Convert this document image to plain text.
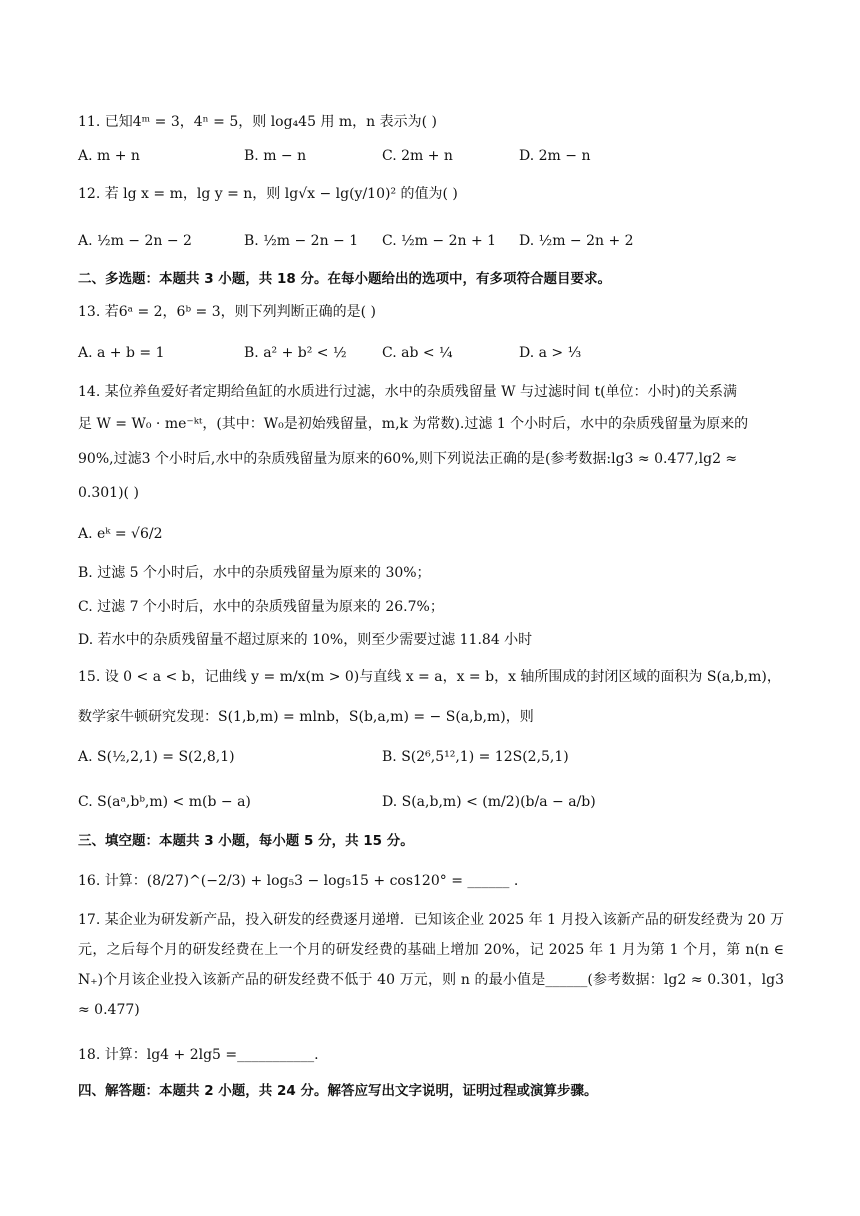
11. 已知4ᵐ = 3，4ⁿ = 5，则 log₄45 用 m，n 表示为( )
A. m + n	B. m − n	C. 2m + n	D. 2m − n
12. 若 lg x = m，lg y = n，则 lg√x − lg(y/10)² 的值为( )
A. ½m − 2n − 2	B. ½m − 2n − 1 C. ½m − 2n + 1 D. ½m − 2n + 2
二、多选题：本题共 3 小题，共 18 分。在每小题给出的选项中，有多项符合题目要求。
13. 若6ᵃ = 2，6ᵇ = 3，则下列判断正确的是( )
A. a + b = 1	B. a² + b² < ½	C. ab < ¼	D. a > ⅓
14. 某位养鱼爱好者定期给鱼缸的水质进行过滤，水中的杂质残留量 W 与过滤时间 t(单位：小时)的关系满
足 W = W₀ · me⁻ᵏᵗ，(其中：W₀是初始残留量，m,k 为常数).过滤 1 个小时后，水中的杂质残留量为原来的
90%,过滤3 个小时后,水中的杂质残留量为原来的60%,则下列说法正确的是(参考数据:lg3 ≈ 0.477,lg2 ≈
0.301)( )
A. eᵏ = √6/2
B. 过滤 5 个小时后，水中的杂质残留量为原来的 30%；
C. 过滤 7 个小时后，水中的杂质残留量为原来的 26.7%；
D. 若水中的杂质残留量不超过原来的 10%，则至少需要过滤 11.84 小时
15. 设 0 < a < b，记曲线 y = m/x(m > 0)与直线 x = a，x = b，x 轴所围成的封闭区域的面积为 S(a,b,m)，
数学家牛顿研究发现：S(1,b,m) = mlnb，S(b,a,m) = − S(a,b,m)，则
A. S(½,2,1) = S(2,8,1)	B. S(2⁶,5¹²,1) = 12S(2,5,1)
C. S(aᵃ,bᵇ,m) < m(b − a)	D. S(a,b,m) < (m/2)(b/a − a/b)
三、填空题：本题共 3 小题，每小题 5 分，共 15 分。
16. 计算：(8/27)^(−2/3) + log₅3 − log₅15 + cos120° = ______ .
17. 某企业为研发新产品，投入研发的经费逐月递增．已知该企业 2025 年 1 月投入该新产品的研发经费为 20 万元，之后每个月的研发经费在上一个月的研发经费的基础上增加 20%，记 2025 年 1 月为第 1 个月，第 n(n ∈ N₊)个月该企业投入该新产品的研发经费不低于 40 万元，则 n 的最小值是______(参考数据：lg2 ≈ 0.301，lg3 ≈ 0.477)
18. 计算：lg4 + 2lg5 =___________.
四、解答题：本题共 2 小题，共 24 分。解答应写出文字说明，证明过程或演算步骤。
